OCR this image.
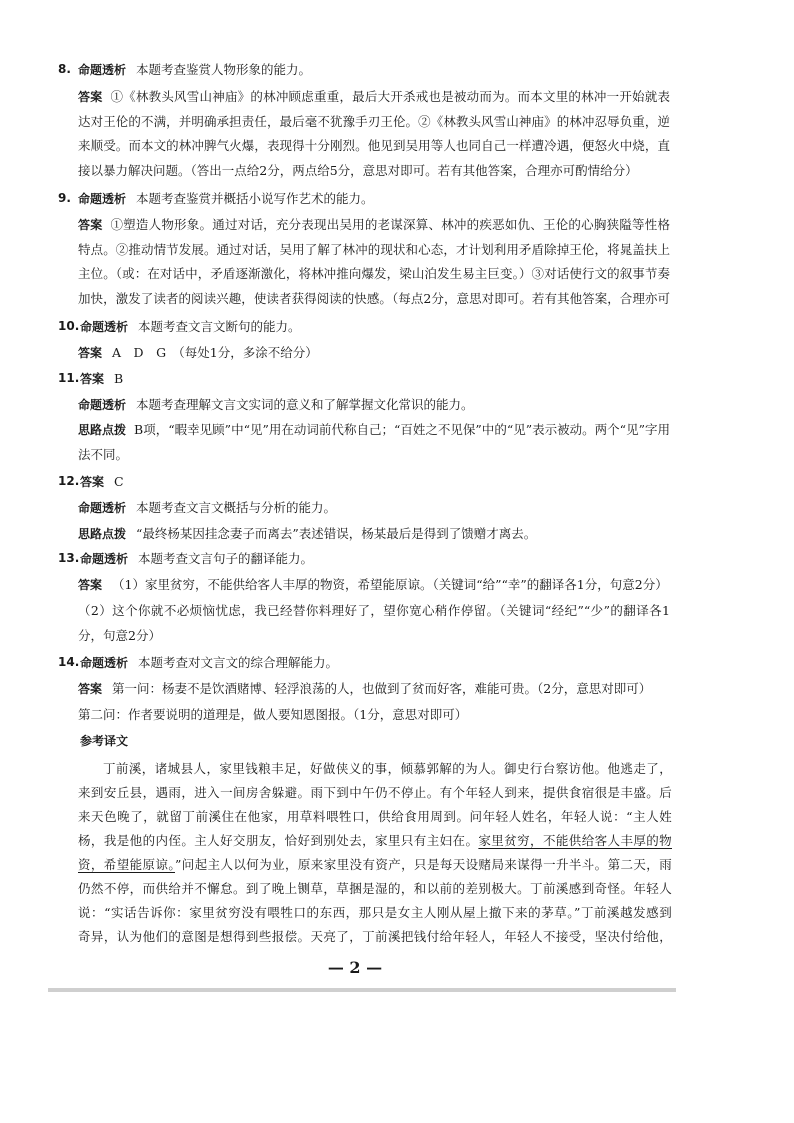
8. 命题透析 本题考查鉴赏人物形象的能力。
答案 ①《林教头风雪山神庙》的林冲顾虑重重，最后大开杀戒也是被动而为。而本文里的林冲一开始就表达对王伦的不满，并明确承担责任，最后毫不犹豫手刃王伦。②《林教头风雪山神庙》的林冲忍辱负重，逆来顺受。而本文的林冲脾气火爆，表现得十分刚烈。他见到吴用等人也同自己一样遭冷遇，便怒火中烧，直接以暴力解决问题。（答出一点给2分，两点给5分，意思对即可。若有其他答案，合理亦可酌情给分）
9. 命题透析 本题考查鉴赏并概括小说写作艺术的能力。
答案 ①塑造人物形象。通过对话，充分表现出吴用的老谋深算、林冲的疾恶如仇、王伦的心胸狭隘等性格特点。②推动情节发展。通过对话，吴用了解了林冲的现状和心态，才计划利用矛盾除掉王伦，将晁盖扶上主位。（或：在对话中，矛盾逐渐激化，将林冲推向爆发，梁山泊发生易主巨变。）③对话使行文的叙事节奏加快，激发了读者的阅读兴趣，使读者获得阅读的快感。（每点2分，意思对即可。若有其他答案，合理亦可
10. 命题透析 本题考查文言文断句的能力。
答案 A　D　G　（每处1分，多涂不给分）
11. 答案 B
命题透析 本题考查理解文言文实词的意义和了解掌握文化常识的能力。
思路点拨 B项，“暇幸见顾”中“见”用在动词前代称自己；“百姓之不见保”中的“见”表示被动。两个“见”字用法不同。
12. 答案 C
命题透析 本题考查文言文概括与分析的能力。
思路点拨 “最终杨某因挂念妻子而离去”表述错误，杨某最后是得到了馈赠才离去。
13. 命题透析 本题考查文言句子的翻译能力。
答案 （1）家里贫穷，不能供给客人丰厚的物资，希望能原谅。（关键词“给”“幸”的翻译各1分，句意2分）
（2）这个你就不必烦恼忧虑，我已经替你料理好了，望你宽心稍作停留。（关键词“经纪”“少”的翻译各1分，句意2分）
14. 命题透析 本题考查对文言文的综合理解能力。
答案 第一问：杨妻不是饮酒赌博、轻浮浪荡的人，也做到了贫而好客，难能可贵。（2分，意思对即可）
第二问：作者要说明的道理是，做人要知恩图报。（1分，意思对即可）
参考译文
丁前溪，诸城县人，家里钱粮丰足，好做侠义的事，倾慕郭解的为人。御史行台察访他。他逃走了，来到安丘县，遇雨，进入一间房舍躲避。雨下到中午仍不停止。有个年轻人到来，提供食宿很是丰盛。后来天色晚了，就留丁前溪住在他家，用草料喂牲口，供给食用周到。问年轻人姓名，年轻人说：“主人姓杨，我是他的内侄。主人好交朋友，恰好到别处去，家里只有主妇在。家里贫穷，不能供给客人丰厚的物资，希望能原谅。”问起主人以何为业，原来家里没有资产，只是每天设赌局来谋得一升半斗。第二天，雨仍然不停，而供给并不懈怠。到了晚上铡草，草捆是湿的，和以前的差别极大。丁前溪感到奇怪。年轻人说：“实话告诉你：家里贫穷没有喂牲口的东西，那只是女主人刚从屋上撤下来的茅草。”丁前溪越发感到奇异，认为他们的意图是想得到些报偿。天亮了，丁前溪把钱付给年轻人，年轻人不接受，坚决付给他，
— 2 —
